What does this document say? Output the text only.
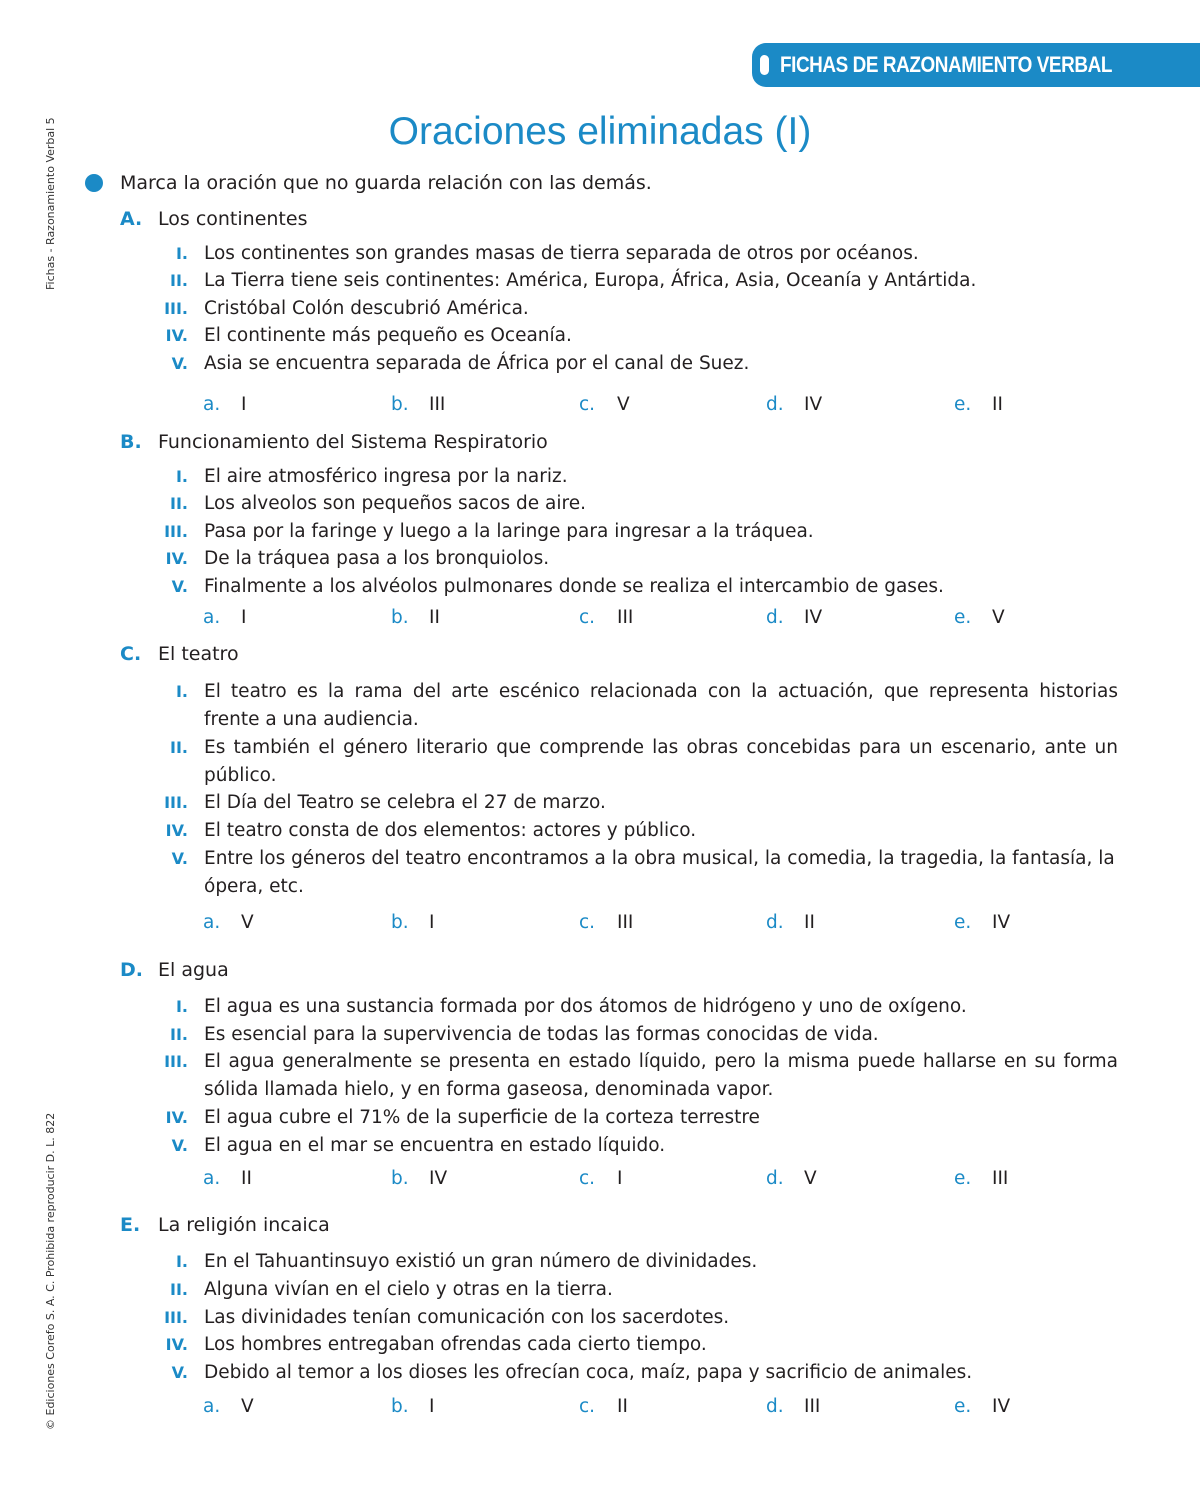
Fichas - Razonamiento Verbal 5
© Ediciones Corefo S. A. C. Prohibida reproducir D. L. 822
FICHAS DE RAZONAMIENTO VERBAL
Oraciones eliminadas (I)
Marca la oración que no guarda relación con las demás.
A. Los continentes
I. Los continentes son grandes masas de tierra separada de otros por océanos.
II. La Tierra tiene seis continentes: América, Europa, África, Asia, Oceanía y Antártida.
III. Cristóbal Colón descubrió América.
IV. El continente más pequeño es Oceanía.
V. Asia se encuentra separada de África por el canal de Suez.
a. I	b. III	c. V	d. IV	e. II
B. Funcionamiento del Sistema Respiratorio
I. El aire atmosférico ingresa por la nariz.
II. Los alveolos son pequeños sacos de aire.
III. Pasa por la faringe y luego a la laringe para ingresar a la tráquea.
IV. De la tráquea pasa a los bronquiolos.
V. Finalmente a los alvéolos pulmonares donde se realiza el intercambio de gases.
a. I	b. II	c. III	d. IV	e. V
C. El teatro
I. El teatro es la rama del arte escénico relacionada con la actuación, que representa historias frente a una audiencia.
II. Es también el género literario que comprende las obras concebidas para un escenario, ante un público.
III. El Día del Teatro se celebra el 27 de marzo.
IV. El teatro consta de dos elementos: actores y público.
V. Entre los géneros del teatro encontramos a la obra musical, la comedia, la tragedia, la fantasía, la ópera, etc.
a. V	b. I	c. III	d. II	e. IV
D. El agua
I. El agua es una sustancia formada por dos átomos de hidrógeno y uno de oxígeno.
II. Es esencial para la supervivencia de todas las formas conocidas de vida.
III. El agua generalmente se presenta en estado líquido, pero la misma puede hallarse en su forma sólida llamada hielo, y en forma gaseosa, denominada vapor.
IV. El agua cubre el 71% de la superficie de la corteza terrestre
V. El agua en el mar se encuentra en estado líquido.
a. II	b. IV	c. I	d. V	e. III
E. La religión incaica
I. En el Tahuantinsuyo existió un gran número de divinidades.
II. Alguna vivían en el cielo y otras en la tierra.
III. Las divinidades tenían comunicación con los sacerdotes.
IV. Los hombres entregaban ofrendas cada cierto tiempo.
V. Debido al temor a los dioses les ofrecían coca, maíz, papa y sacrificio de animales.
a. V	b. I	c. II	d. III	e. IV
